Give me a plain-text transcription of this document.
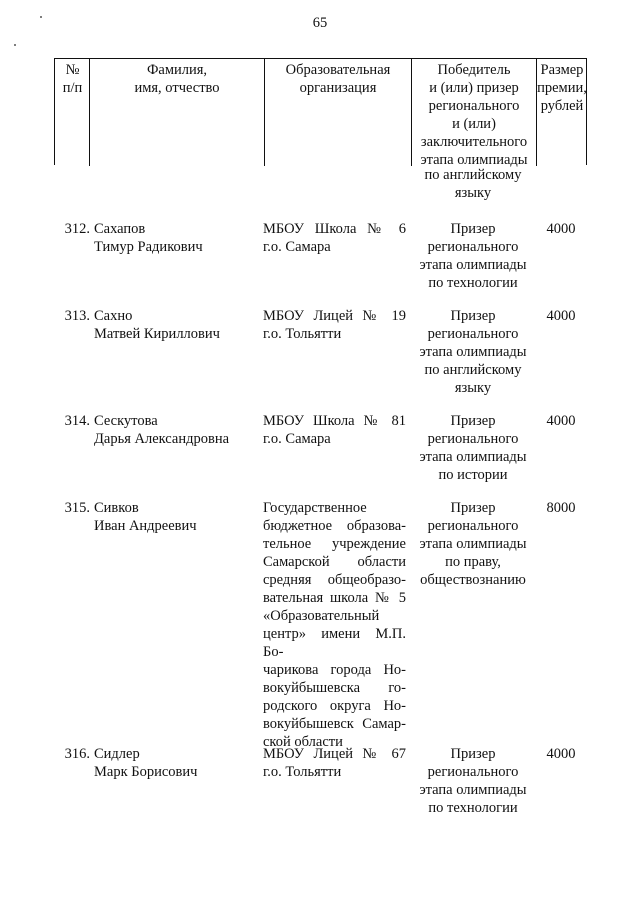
65
№
п/п
Фамилия,
имя, отчество
Образовательная
организация
Победитель
и (или) призер
регионального
и (или)
заключительного
этапа олимпиады
Размер
премии,
рублей
по английскому
языку
312. Сахапов
Тимур Радикович
МБОУ Школа № 6
г.о. Самара
Призер
регионального
этапа олимпиады
по технологии
4000
313. Сахно
Матвей Кириллович
МБОУ Лицей № 19
г.о. Тольятти
Призер
регионального
этапа олимпиады
по английскому
языку
4000
314. Сескутова
Дарья Александровна
МБОУ Школа № 81
г.о. Самара
Призер
регионального
этапа олимпиады
по истории
4000
315. Сивков
Иван Андреевич
Государственное
бюджетное образова-
тельное учреждение
Самарской области
средняя общеобразо-
вательная школа № 5
«Образовательный
центр» имени М.П. Бо-
чарикова города Но-
вокуйбышевска го-
родского округа Но-
вокуйбышевск Самар-
ской области
Призер
регионального
этапа олимпиады
по праву,
обществознанию
8000
316. Сидлер
Марк Борисович
МБОУ Лицей № 67
г.о. Тольятти
Призер
регионального
этапа олимпиады
по технологии
4000
